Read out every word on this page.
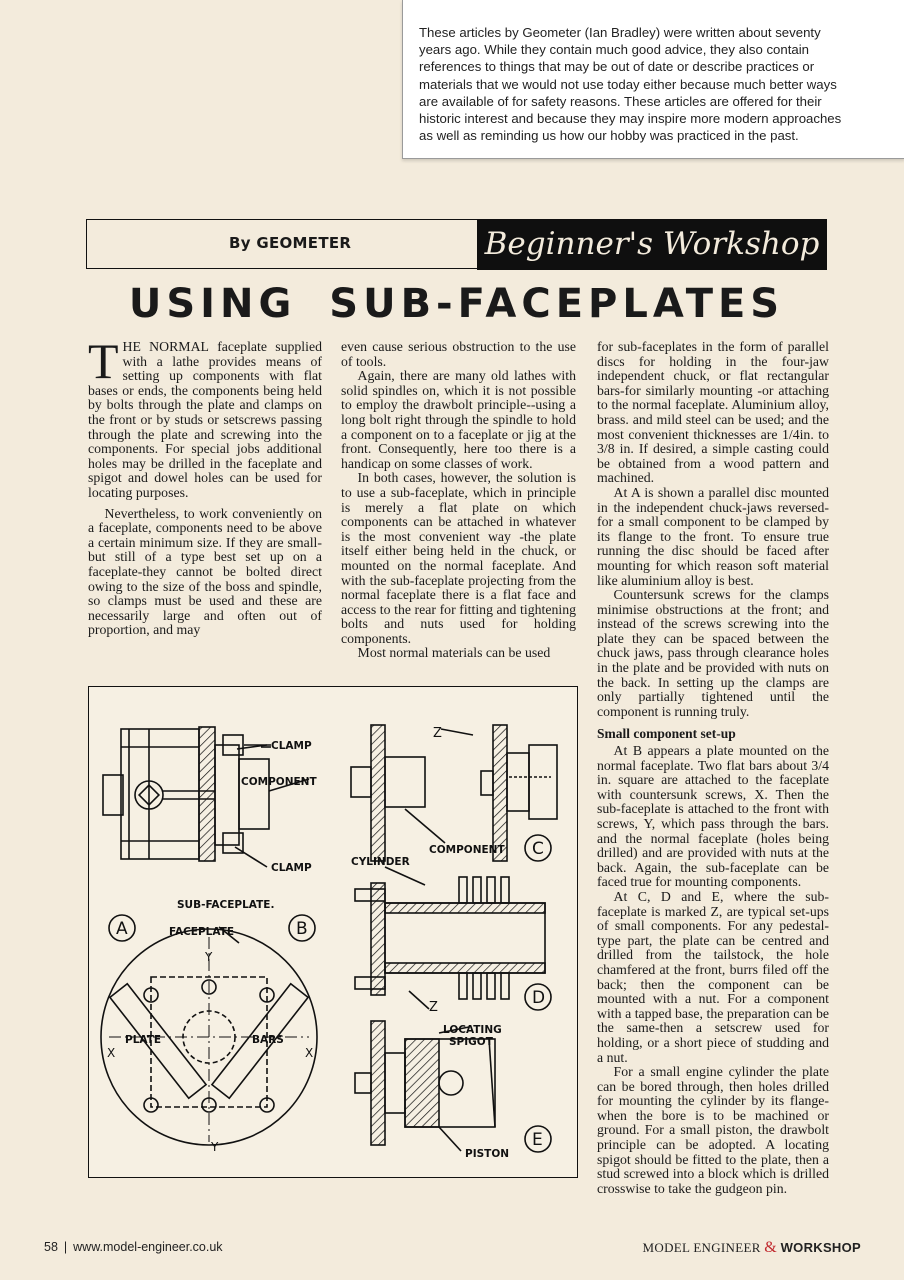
These articles by Geometer (Ian Bradley) were written about seventy years ago. While they contain much good advice, they also contain references to things that may be out of date or describe practices or materials that we would not use today either because much better ways are available of for safety reasons. These articles are offered for their historic interest and because they may inspire more modern approaches as well as reminding us how our hobby was practiced in the past.

By GEOMETER	Beginner's Workshop
USING SUB-FACEPLATES

THE NORMAL faceplate supplied with a lathe provides means of setting up components with flat bases or ends, the components being held by bolts through the plate and clamps on the front or by studs or setscrews passing through the plate and screwing into the components. For special jobs additional holes may be drilled in the faceplate and spigot and dowel holes can be used for locating purposes.

Nevertheless, to work conveniently on a faceplate, components need to be above a certain minimum size. If they are small-but still of a type best set up on a faceplate-they cannot be bolted direct owing to the size of the boss and spindle, so clamps must be used and these are necessarily large and often out of proportion, and may

even cause serious obstruction to the use of tools.

Again, there are many old lathes with solid spindles on, which it is not possible to employ the drawbolt principle--using a long bolt right through the spindle to hold a component on to a faceplate or jig at the front. Consequently, here too there is a handicap on some classes of work.

In both cases, however, the solution is to use a sub-faceplate, which in principle is merely a flat plate on which components can be attached in whatever is the most convenient way -the plate itself either being held in the chuck, or mounted on the normal faceplate. And with the sub-faceplate projecting from the normal faceplate there is a flat face and access to the rear for fitting and tightening bolts and nuts used for holding components.

Most normal materials can be used

for sub-faceplates in the form of parallel discs for holding in the four-jaw independent chuck, or flat rectangular bars-for similarly mounting -or attaching to the normal faceplate. Aluminium alloy, brass. and mild steel can be used; and the most convenient thicknesses are 1/4in. to 3/8 in. If desired, a simple casting could be obtained from a wood pattern and machined.

At A is shown a parallel disc mounted in the independent chuck-jaws reversed-for a small component to be clamped by its flange to the front. To ensure true running the disc should be faced after mounting for which reason soft material like aluminium alloy is best.

Countersunk screws for the clamps minimise obstructions at the front; and instead of the screws screwing into the plate they can be spaced between the chuck jaws, pass through clearance holes in the plate and be provided with nuts on the back. In setting up the clamps are only partially tightened until the component is running truly.

Small component set-up

At B appears a plate mounted on the normal faceplate. Two flat bars about 3/4 in. square are attached to the faceplate with countersunk screws, X. Then the sub-faceplate is attached to the front with screws, Y, which pass through the bars. and the normal faceplate (holes being drilled) and are provided with nuts at the back. Again, the sub-faceplate can be faced true for mounting components.

At C, D and E, where the sub-faceplate is marked Z, are typical set-ups of small components. For any pedestal-type part, the plate can be centred and drilled from the tailstock, the hole chamfered at the front, burrs filed off the back; then the component can be mounted with a nut. For a component with a tapped base, the preparation can be the same-then a setscrew used for holding, or a short piece of studding and a nut.

For a small engine cylinder the plate can be bored through, then holes drilled for mounting the cylinder by its flange-when the bore is to be machined or ground. For a small piston, the drawbolt principle can be adopted. A locating spigot should be fitted to the plate, then a stud screwed into a block which is drilled crosswise to take the gudgeon pin.

CLAMP
COMPONENT
CLAMP
SUB-FACEPLATE.
FACEPLATE
PLATE	BARS
X	X
Y
Y
Z
COMPONENT
CYLINDER
Z
LOCATING
SPIGOT
PISTON
A	B
C
D
E
58 | www.model-engineer.co.uk	MODEL ENGINEER & WORKSHOP
